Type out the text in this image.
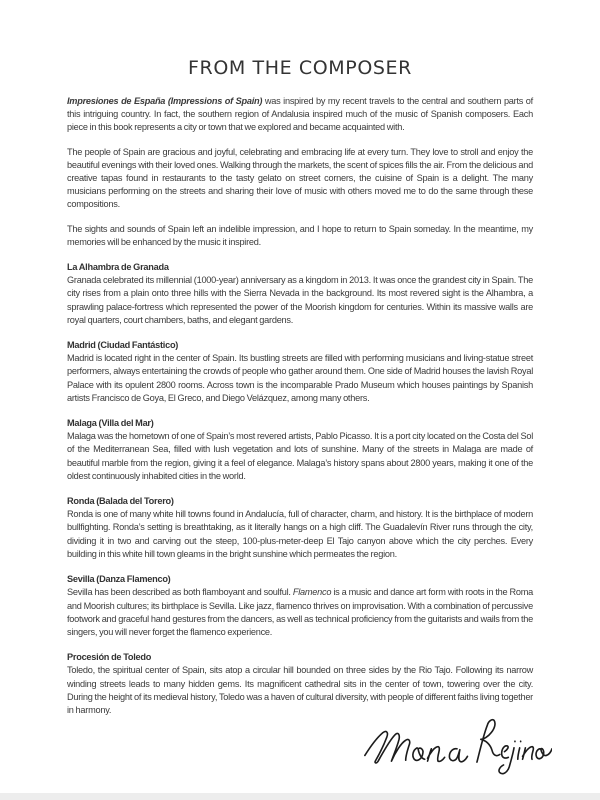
FROM THE COMPOSER

Impresiones de España (Impressions of Spain) was inspired by my recent travels to the central and southern parts of this intriguing country. In fact, the southern region of Andalusia inspired much of the music of Spanish composers. Each piece in this book represents a city or town that we explored and became acquainted with.

The people of Spain are gracious and joyful, celebrating and embracing life at every turn. They love to stroll and enjoy the beautiful evenings with their loved ones. Walking through the markets, the scent of spices fills the air. From the delicious and creative tapas found in restaurants to the tasty gelato on street corners, the cuisine of Spain is a delight. The many musicians performing on the streets and sharing their love of music with others moved me to do the same through these compositions.

The sights and sounds of Spain left an indelible impression, and I hope to return to Spain someday. In the meantime, my memories will be enhanced by the music it inspired.

La Alhambra de Granada

Granada celebrated its millennial (1000-year) anniversary as a kingdom in 2013. It was once the grandest city in Spain. The city rises from a plain onto three hills with the Sierra Nevada in the background. Its most revered sight is the Alhambra, a sprawling palace-fortress which represented the power of the Moorish kingdom for centuries. Within its massive walls are royal quarters, court chambers, baths, and elegant gardens.

Madrid (Ciudad Fantástico)

Madrid is located right in the center of Spain. Its bustling streets are filled with performing musicians and living-statue street performers, always entertaining the crowds of people who gather around them. One side of Madrid houses the lavish Royal Palace with its opulent 2800 rooms. Across town is the incomparable Prado Museum which houses paintings by Spanish artists Francisco de Goya, El Greco, and Diego Velázquez, among many others.

Malaga (Villa del Mar)

Malaga was the hometown of one of Spain’s most revered artists, Pablo Picasso. It is a port city located on the Costa del Sol of the Mediterranean Sea, filled with lush vegetation and lots of sunshine. Many of the streets in Malaga are made of beautiful marble from the region, giving it a feel of elegance. Malaga’s history spans about 2800 years, making it one of the oldest continuously inhabited cities in the world.

Ronda (Balada del Torero)

Ronda is one of many white hill towns found in Andalucía, full of character, charm, and history. It is the birthplace of modern bullfighting. Ronda’s setting is breathtaking, as it literally hangs on a high cliff. The Guadalevín River runs through the city, dividing it in two and carving out the steep, 100-plus-meter-deep El Tajo canyon above which the city perches. Every building in this white hill town gleams in the bright sunshine which permeates the region.

Sevilla (Danza Flamenco)

Sevilla has been described as both flamboyant and soulful. Flamenco is a music and dance art form with roots in the Roma and Moorish cultures; its birthplace is Sevilla. Like jazz, flamenco thrives on improvisation. With a combination of percussive footwork and graceful hand gestures from the dancers, as well as technical proficiency from the guitarists and wails from the singers, you will never forget the flamenco experience.

Procesión de Toledo

Toledo, the spiritual center of Spain, sits atop a circular hill bounded on three sides by the Rio Tajo. Following its narrow winding streets leads to many hidden gems. Its magnificent cathedral sits in the center of town, towering over the city. During the height of its medieval history, Toledo was a haven of cultural diversity, with people of different faiths living together in harmony.
